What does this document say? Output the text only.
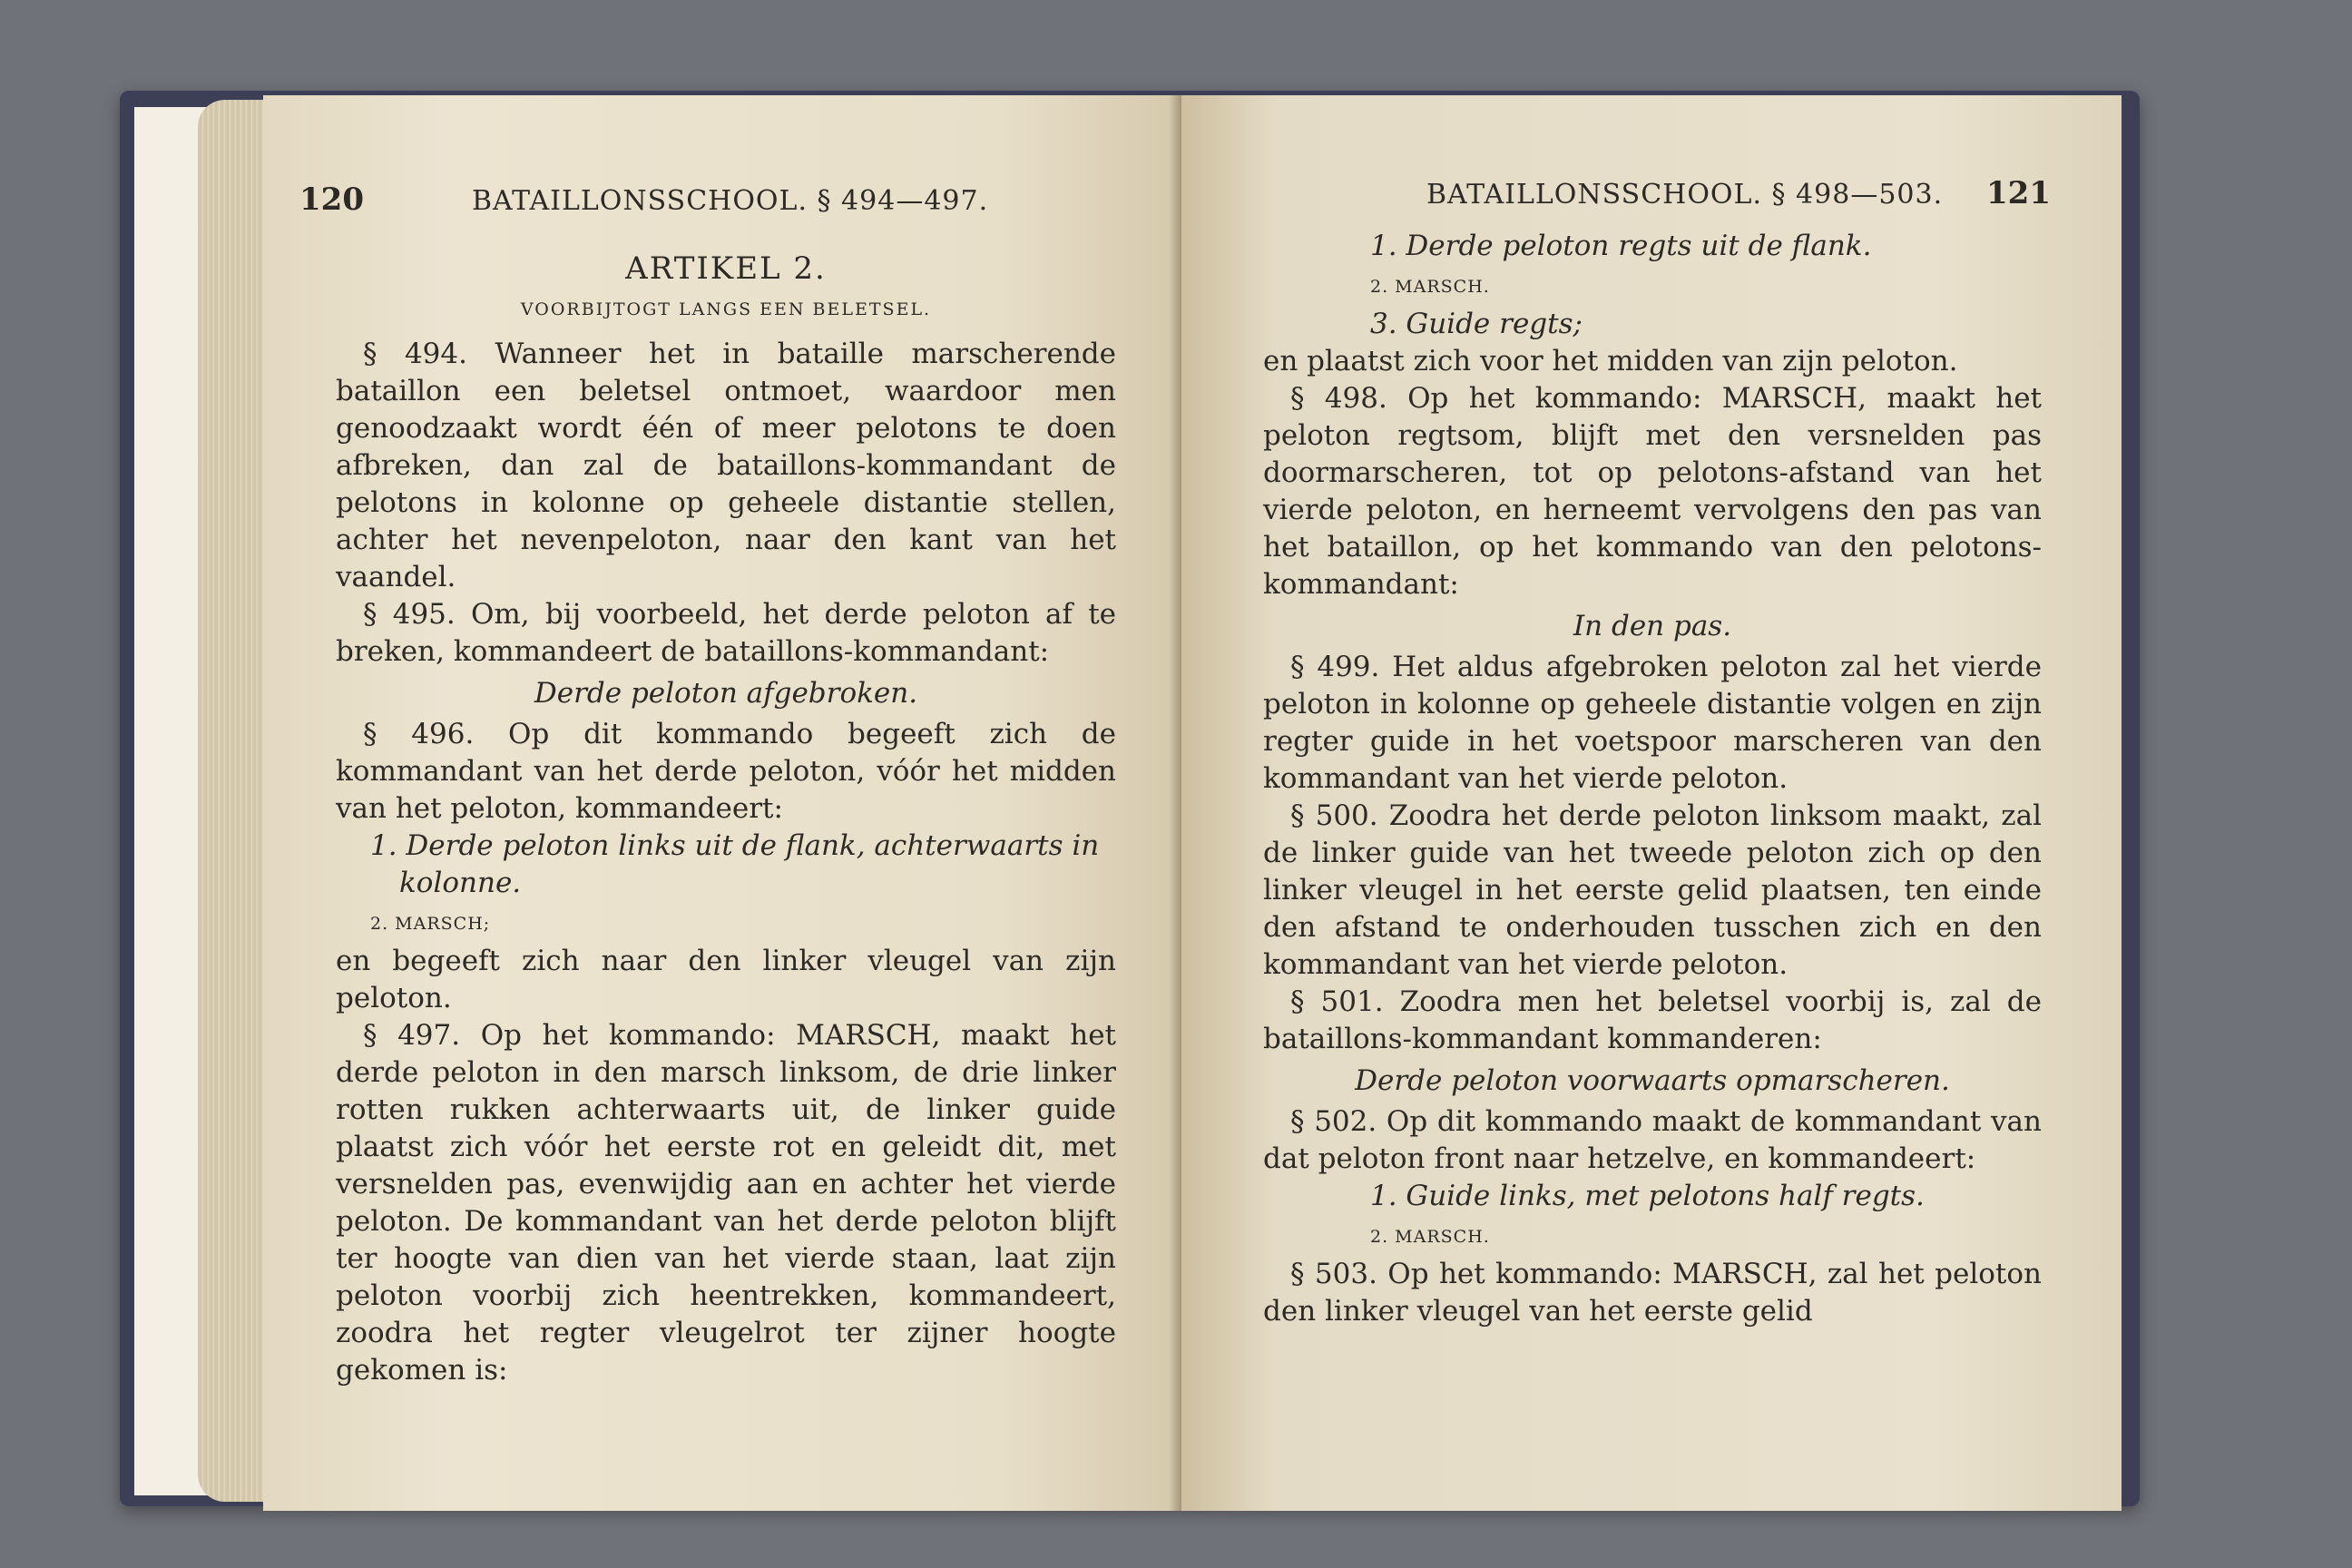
120	BATAILLONSSCHOOL. § 494—497.
ARTIKEL 2.
VOORBIJTOGT LANGS EEN BELETSEL.

§ 494. Wanneer het in bataille marscherende bataillon een beletsel ontmoet, waardoor men genoodzaakt wordt één of meer pelotons te doen afbreken, dan zal de bataillons-kommandant de pelotons in kolonne op geheele distantie stellen, achter het nevenpeloton, naar den kant van het vaandel.

§ 495. Om, bij voorbeeld, het derde peloton af te breken, kommandeert de bataillons-kommandant:

Derde peloton afgebroken.

§ 496. Op dit kommando begeeft zich de kommandant van het derde peloton, vóór het midden van het peloton, kommandeert:

1. Derde peloton links uit de flank, achterwaarts in kolonne.

2. MARSCH;

en begeeft zich naar den linker vleugel van zijn peloton.

§ 497. Op het kommando: MARSCH, maakt het derde peloton in den marsch linksom, de drie linker rotten rukken achterwaarts uit, de linker guide plaatst zich vóór het eerste rot en geleidt dit, met versnelden pas, evenwijdig aan en achter het vierde peloton. De kommandant van het derde peloton blijft ter hoogte van dien van het vierde staan, laat zijn peloton voorbij zich heentrekken, kommandeert, zoodra het regter vleugelrot ter zijner hoogte gekomen is:

BATAILLONSSCHOOL. § 498—503. 121

1. Derde peloton regts uit de flank.

2. MARSCH.

3. Guide regts;

en plaatst zich voor het midden van zijn peloton.

§ 498. Op het kommando: MARSCH, maakt het peloton regtsom, blijft met den versnelden pas doormarscheren, tot op pelotons-afstand van het vierde peloton, en herneemt vervolgens den pas van het bataillon, op het kommando van den pelotons-kommandant:

In den pas.

§ 499. Het aldus afgebroken peloton zal het vierde peloton in kolonne op geheele distantie volgen en zijn regter guide in het voetspoor marscheren van den kommandant van het vierde peloton.

§ 500. Zoodra het derde peloton linksom maakt, zal de linker guide van het tweede peloton zich op den linker vleugel in het eerste gelid plaatsen, ten einde den afstand te onderhouden tusschen zich en den kommandant van het vierde peloton.

§ 501. Zoodra men het beletsel voorbij is, zal de bataillons-kommandant kommanderen:

Derde peloton voorwaarts opmarscheren.

§ 502. Op dit kommando maakt de kommandant van dat peloton front naar hetzelve, en kommandeert:

1. Guide links, met pelotons half regts.

2. MARSCH.

§ 503. Op het kommando: MARSCH, zal het peloton den linker vleugel van het eerste gelid
